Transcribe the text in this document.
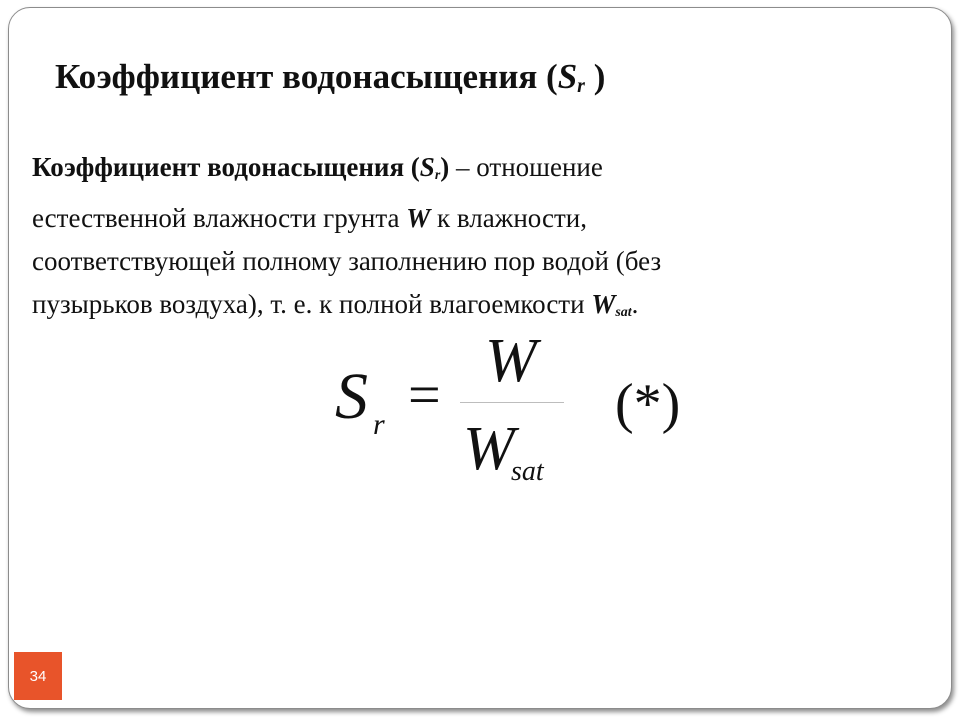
Коэффициент водонасыщения ($S_r$ )

Коэффициент водонасыщения $(S_r)$ – отношение
естественной влажности грунта W к влажности,
соответствующей полному заполнению пор водой (без
пузырьков воздуха), т. е. к полной влагоемкости $W_{sat}$.

S r = W
W
sat
(*)
34
